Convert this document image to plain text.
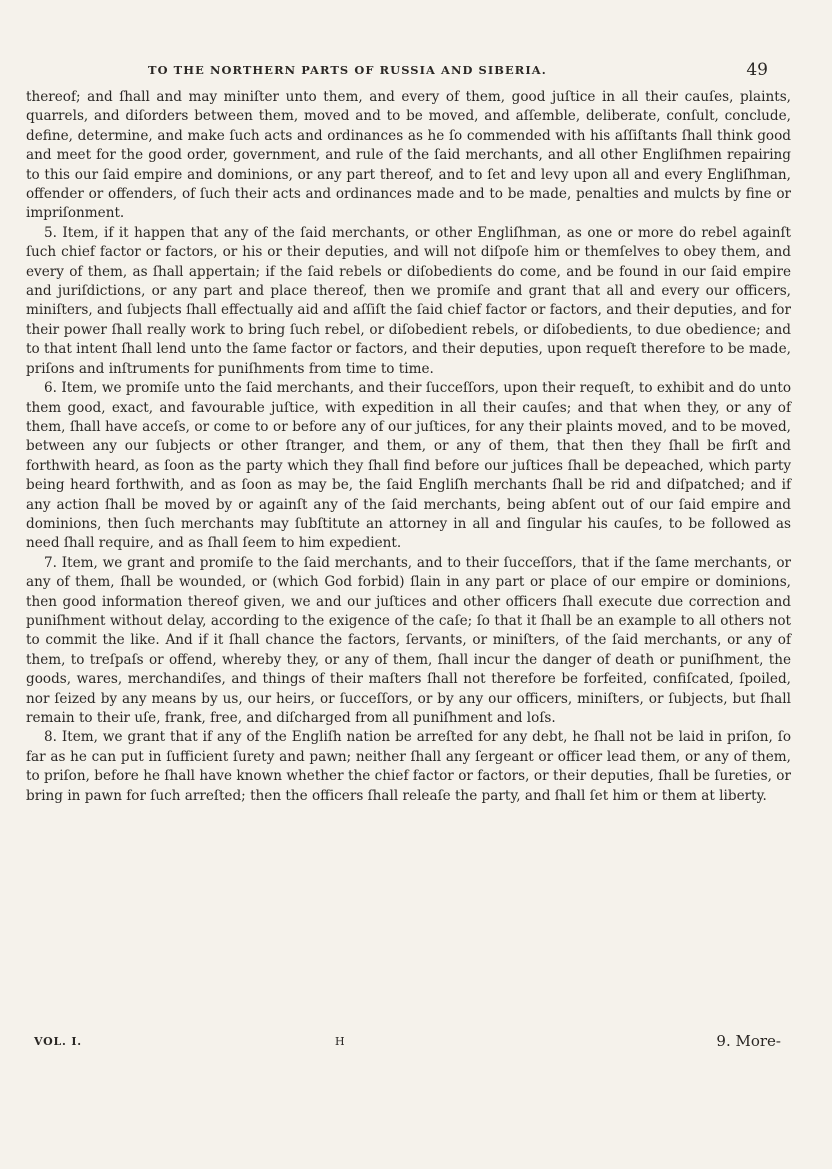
TO THE NORTHERN PARTS OF RUSSIA AND SIBERIA.	49

thereof; and ſhall and may miniſter unto them, and every of them, good juſtice in all their cauſes, plaints, quarrels, and diſorders between them, moved and to be moved, and aſſemble, deliberate, conſult, conclude, define, determine, and make ſuch acts and ordinances as he ſo commended with his aſſiſtants ſhall think good and meet for the good order, government, and rule of the ſaid merchants, and all other Engliſhmen repairing to this our ſaid empire and dominions, or any part thereof, and to ſet and levy upon all and every Engliſhman, offender or offenders, of ſuch their acts and ordinances made and to be made, penalties and mulcts by fine or impriſonment.

5. Item, if it happen that any of the ſaid merchants, or other Engliſhman, as one or more do rebel againſt ſuch chief factor or factors, or his or their deputies, and will not diſpoſe him or themſelves to obey them, and every of them, as ſhall appertain; if the ſaid rebels or diſobedients do come, and be found in our ſaid empire and juriſdictions, or any part and place thereof, then we promiſe and grant that all and every our officers, miniſters, and ſubjects ſhall effectually aid and aſſiſt the ſaid chief factor or factors, and their deputies, and for their power ſhall really work to bring ſuch rebel, or diſobedient rebels, or diſobedients, to due obedience; and to that intent ſhall lend unto the ſame factor or factors, and their deputies, upon requeſt therefore to be made, priſons and inſtruments for puniſhments from time to time.

6. Item, we promiſe unto the ſaid merchants, and their ſucceſſors, upon their requeſt, to exhibit and do unto them good, exact, and favourable juſtice, with expedition in all their cauſes; and that when they, or any of them, ſhall have acceſs, or come to or before any of our juſtices, for any their plaints moved, and to be moved, between any our ſubjects or other ſtranger, and them, or any of them, that then they ſhall be firſt and forthwith heard, as ſoon as the party which they ſhall find before our juſtices ſhall be depeached, which party being heard forthwith, and as ſoon as may be, the ſaid Engliſh merchants ſhall be rid and diſpatched; and if any action ſhall be moved by or againſt any of the ſaid merchants, being abſent out of our ſaid empire and dominions, then ſuch merchants may ſubſtitute an attorney in all and ſingular his cauſes, to be followed as need ſhall require, and as ſhall ſeem to him expedient.

7. Item, we grant and promiſe to the ſaid merchants, and to their ſucceſſors, that if the ſame merchants, or any of them, ſhall be wounded, or (which God forbid) ſlain in any part or place of our empire or dominions, then good information thereof given, we and our juſtices and other officers ſhall execute due correction and puniſhment without delay, according to the exigence of the caſe; ſo that it ſhall be an example to all others not to commit the like. And if it ſhall chance the factors, ſervants, or miniſters, of the ſaid merchants, or any of them, to treſpaſs or offend, whereby they, or any of them, ſhall incur the danger of death or puniſhment, the goods, wares, merchandiſes, and things of their maſters ſhall not therefore be forfeited, confiſcated, ſpoiled, nor ſeized by any means by us, our heirs, or ſucceſſors, or by any our officers, miniſters, or ſubjects, but ſhall remain to their uſe, frank, free, and diſcharged from all puniſhment and loſs.

8. Item, we grant that if any of the Engliſh nation be arreſted for any debt, he ſhall not be laid in priſon, ſo far as he can put in ſufficient ſurety and pawn; neither ſhall any ſergeant or officer lead them, or any of them, to priſon, before he ſhall have known whether the chief factor or factors, or their deputies, ſhall be ſureties, or bring in pawn for ſuch arreſted; then the officers ſhall releaſe the party, and ſhall ſet him or them at liberty.

VOL. I.	H	9. More-
